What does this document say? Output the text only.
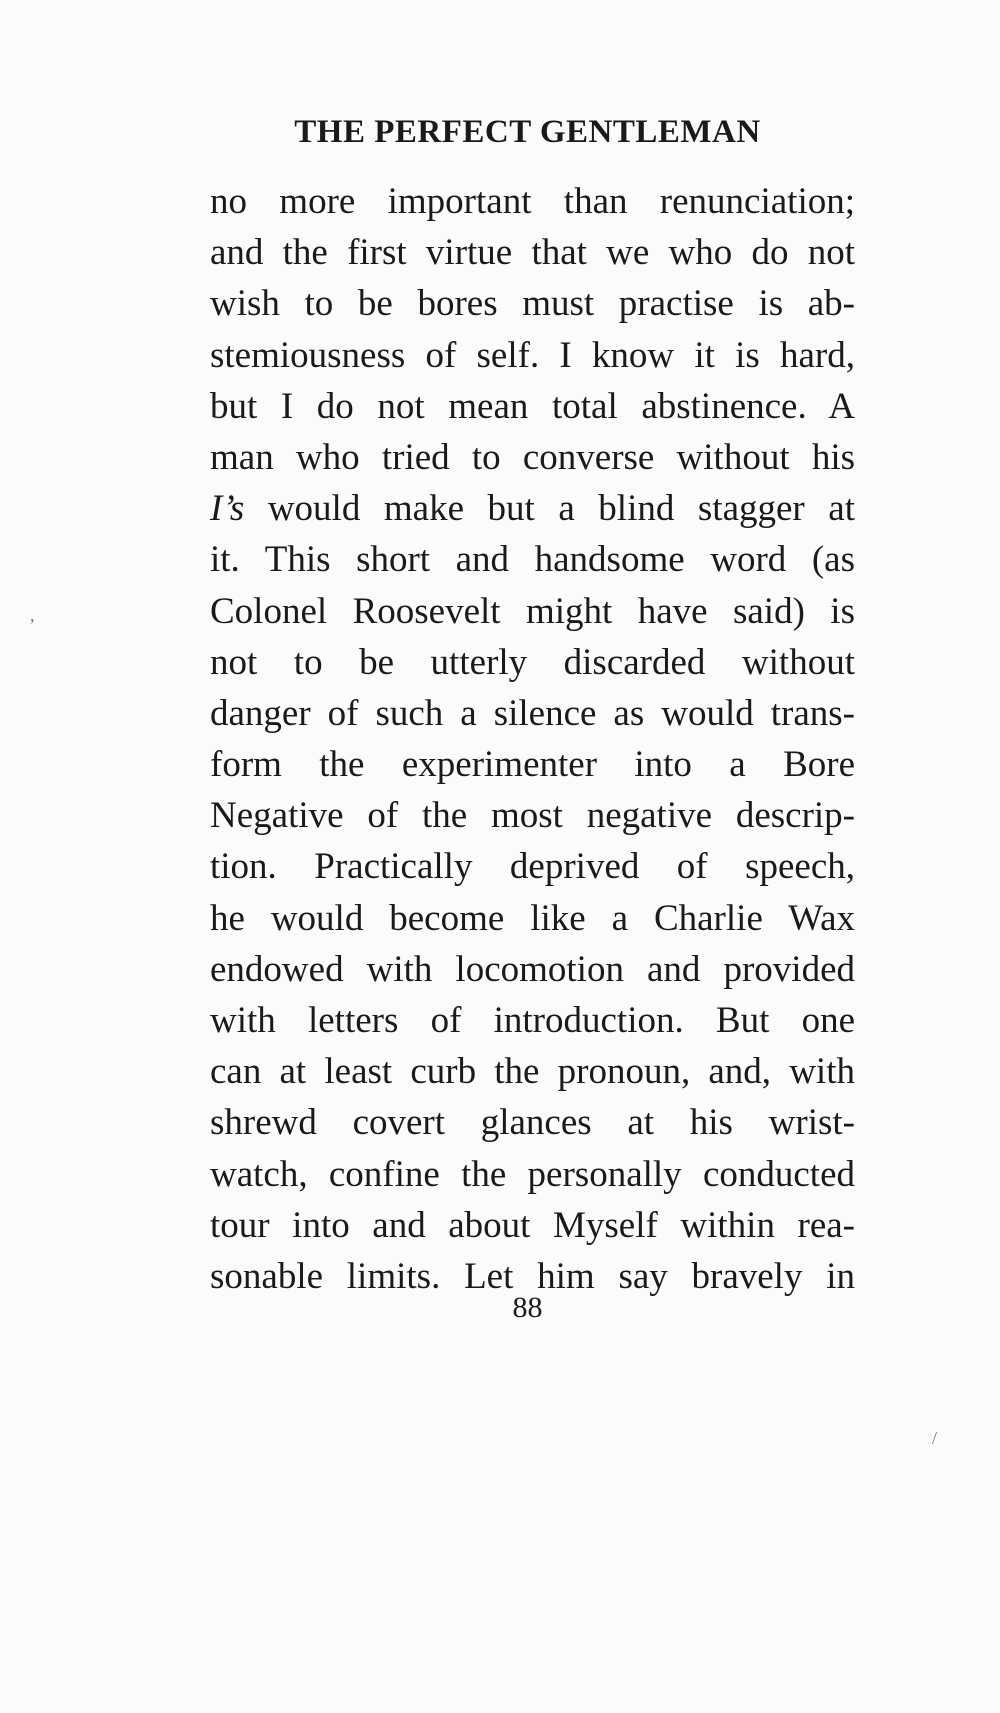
THE PERFECT GENTLEMAN
no more important than renunciation;
and the first virtue that we who do not
wish to be bores must practise is ab-
stemiousness of self. I know it is hard,
but I do not mean total abstinence. A
man who tried to converse without his
I’s would make but a blind stagger at
it. This short and handsome word (as
Colonel Roosevelt might have said) is
not to be utterly discarded without
danger of such a silence as would trans-
form the experimenter into a Bore
Negative of the most negative descrip-
tion. Practically deprived of speech,
he would become like a Charlie Wax
endowed with locomotion and provided
with letters of introduction. But one
can at least curb the pronoun, and, with
shrewd covert glances at his wrist-
watch, confine the personally conducted
tour into and about Myself within rea-
sonable limits. Let him say bravely in
88
,
/
